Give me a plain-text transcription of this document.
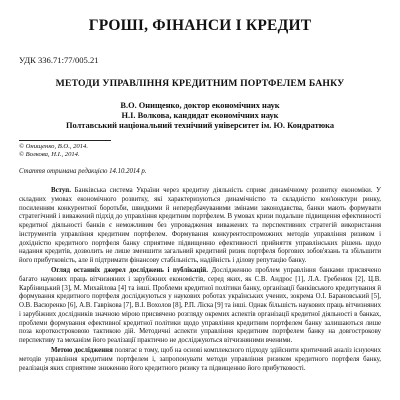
ГРОШІ, ФІНАНСИ І КРЕДИТ
УДК 336.71:77/005.21
МЕТОДИ УПРАВЛІННЯ КРЕДИТНИМ ПОРТФЕЛЕМ БАНКУ
В.О. Онищенко, доктор економічних наук
Н.І. Волкова, кандидат економічних наук
Полтавський національний технічний університет ім. Ю. Кондратюка
© Онищенко, В.О., 2014.
© Волкова, Н.І., 2014.
Стаття отримана редакцією 14.10.2014 р.

Вступ. Банківська система України через кредитну діяльність сприяє динамічному розвитку економіки. У складних умовах економічного розвитку, які характеризуються динамічністю та складністю кон'юнктури ринку, посиленням конкурентної боротьби, швидкими й непередбачуваними змінами законодавства, банки мають формувати стратегічний і виважений підхід до управління кредитним портфелем. В умовах кризи подальше підвищення ефективності кредитної діяльності банків є неможливим без упровадження виважених та перспективних стратегій використання інструментів управління кредитним портфелем. Формування конкурентоспроможних методів управління ризиком і дохідністю кредитного портфеля банку сприятиме підвищенню ефективності прийняття управлінських рішень щодо надання кредитів, дозволить не лише зменшити загальний кредитний ризик портфеля боргових зобов'язань та збільшити його прибутковість, але й підтримати фінансову стабільність, надійність і ділову репутацію банку.

Огляд останніх джерел досліджень і публікацій. Дослідженню проблем управління банками присвячено багато наукових праць вітчизняних і зарубіжних економістів, серед яких, як С.В. Андрос [1], Л.А. Гребенюк [2], Ц.В. Карбіницький [3], М. Михайлова [4] та інші. Проблеми кредитної політики банку, організації банківського кредитування й формування кредитного портфеля досліджуються у наукових роботах українських учених, зокрема О.І. Барановський [5], О.В. Васюренко [6], А.В. Гаврікова [7], В.І. Вохолов [8], Р.П. Ліска [9] та інші. Однак більшість наукових праць вітчизняних і зарубіжних дослідників значною мірою присвячено розгляду окремих аспектів організації кредитної діяльності в банках, проблеми формування ефективної кредитної політики щодо управління кредитним портфелем банку залишаються лише поза короткостроковою тактикою дій. Методичні аспекти управління кредитним портфелем банку на довгострокову перспективу та механізм його реалізації практично не досліджуються вітчизняними вченими.

Метою дослідження полягає в тому, щоб на основі комплексного підходу здійснити критичний аналіз існуючих методів управління кредитним портфелем і, запропонувати методи управління ризиком кредитного портфеля банку, реалізація яких сприятиме зниженню його кредитного ризику та підвищенню його прибутковості.
